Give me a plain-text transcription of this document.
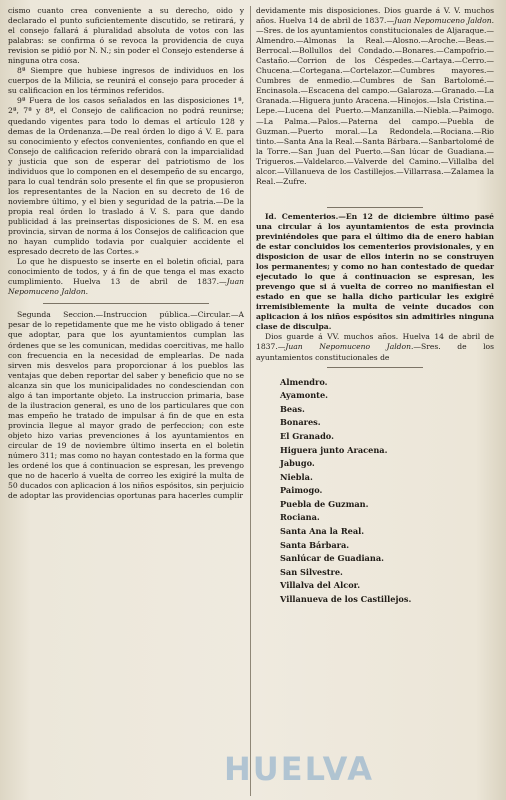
cismo cuanto crea conveniente a su derecho, oido y declarado el punto suficientemente discutido, se retirará, y el consejo fallará á pluralidad absoluta de votos con las palabras: se confirma ó se revoca la providencia de cuya revision se pidió por N. N.; sin poder el Consejo estenderse á ninguna otra cosa.

8ª Siempre que hubiese ingresos de individuos en los cuerpos de la Milicia, se reunirá el consejo para proceder á su calificacion en los términos referidos.

9ª Fuera de los casos señalados en las disposiciones 1ª, 2ª, 7ª y 8ª, el Consejo de calificacion no podrá reunirse; quedando vigentes para todo lo demas el artículo 128 y demas de la Ordenanza.—De real órden lo digo á V. E. para su conocimiento y efectos convenientes, confiando en que el Consejo de calificacion referido obrará con la imparcialidad y justicia que son de esperar del patriotismo de los individuos que lo componen en el desempeño de su encargo, para lo cual tendrán solo presente el fin que se propusieron los representantes de la Nacion en su decreto de 16 de noviembre último, y el bien y seguridad de la patria.—De la propia real órden lo traslado á V. S. para que dando publicidad á las preinsertas disposiciones de S. M. en esa provincia, sirvan de norma á los Consejos de calificacion que no hayan cumplido todavia por cualquier accidente el espresado decreto de las Cortes.»

Lo que he dispuesto se inserte en el boletin oficial, para conocimiento de todos, y á fin de que tenga el mas exacto cumplimiento. Huelva 13 de abril de 1837.—Juan Nepomuceno Jaldon.

Segunda Seccion.—Instruccion pública.—Circular.—A pesar de lo repetidamente que me he visto obligado á tener que adoptar, para que los ayuntamientos cumplan las órdenes que se les comunican, medidas coercitivas, me hallo con frecuencia en la necesidad de emplearlas. De nada sirven mis desvelos para proporcionar á los pueblos las ventajas que deben reportar del saber y beneficio que no se alcanza sin que los municipalidades no condesciendan con algo á tan importante objeto. La instruccion primaria, base de la ilustracion general, es uno de los particulares que con mas empeño he tratado de impulsar á fin de que en esta provincia llegue al mayor grado de perfeccion; con este objeto hizo varias prevenciones á los ayuntamientos en circular de 19 de noviembre último inserta en el boletin número 311; mas como no hayan contestado en la forma que les ordené los que á continuacion se espresan, les prevengo que no de hacerlo á vuelta de correo les exigiré la multa de 50 ducados con aplicacion á los niños espósitos, sin perjuicio de adoptar las providencias oportunas para hacerles cumplir

devidamente mis disposiciones. Dios guarde á V. V. muchos años. Huelva 14 de abril de 1837.—Juan Nepomuceno Jaldon.—Sres. de los ayuntamientos constitucionales de Aljaraque.—Almendro.—Almonas la Real.—Alosno.—Aroche.—Beas.—Berrocal.—Bollullos del Condado.—Bonares.—Campofrio.—Castaño.—Corrion de los Céspedes.—Cartaya.—Cerro.—Chucena.—Cortegana.—Cortelazor.—Cumbres mayores.—Cumbres de enmedio.—Cumbres de San Bartolomé.—Encinasola.—Escacena del campo.—Galaroza.—Granado.—La Granada.—Higuera junto Aracena.—Hinojos.—Isla Cristina.—Lepe.—Lucena del Puerto.—Manzanilla.—Niebla.—Paimogo.—La Palma.—Palos.—Paterna del campo.—Puebla de Guzman.—Puerto moral.—La Redondela.—Rociana.—Rio tinto.—Santa Ana la Real.—Santa Bárbara.—Sanbartolomé de la Torre.—San Juan del Puerto.—San lúcar de Guadiana.—Trigueros.—Valdelarco.—Valverde del Camino.—Villalba del alcor.—Villanueva de los Castillejos.—Villarrasa.—Zalamea la Real.—Zufre.

Id. Cementerios.—En 12 de diciembre último pasé una circular á los ayuntamientos de esta provincia previniéndoles que para el último dia de enero habian de estar concluidos los cementerios provisionales, y en disposicion de usar de ellos interin no se construyen los permanentes; y como no han contestado de quedar ejecutado lo que á continuacion se espresan, les prevengo que si á vuelta de correo no manifiestan el estado en que se halla dicho particular les exigiré irremisiblemente la multa de veinte ducados con aplicacion á los niños espósitos sin admitirles ninguna clase de disculpa.

Dios guarde á VV. muchos años. Huelva 14 de abril de 1837.—Juan Nepomuceno Jaldon.—Sres. de los ayuntamientos constitucionales de

Almendro.
Ayamonte.
Beas.
Bonares.
El Granado.
Higuera junto Aracena.
Jabugo.
Niebla.
Paimogo.
Puebla de Guzman.
Rociana.
Santa Ana la Real.
Santa Bárbara.
Sanlúcar de Guadiana.
San Silvestre.
Villalva del Alcor.
Villanueva de los Castillejos.
HUELVA
